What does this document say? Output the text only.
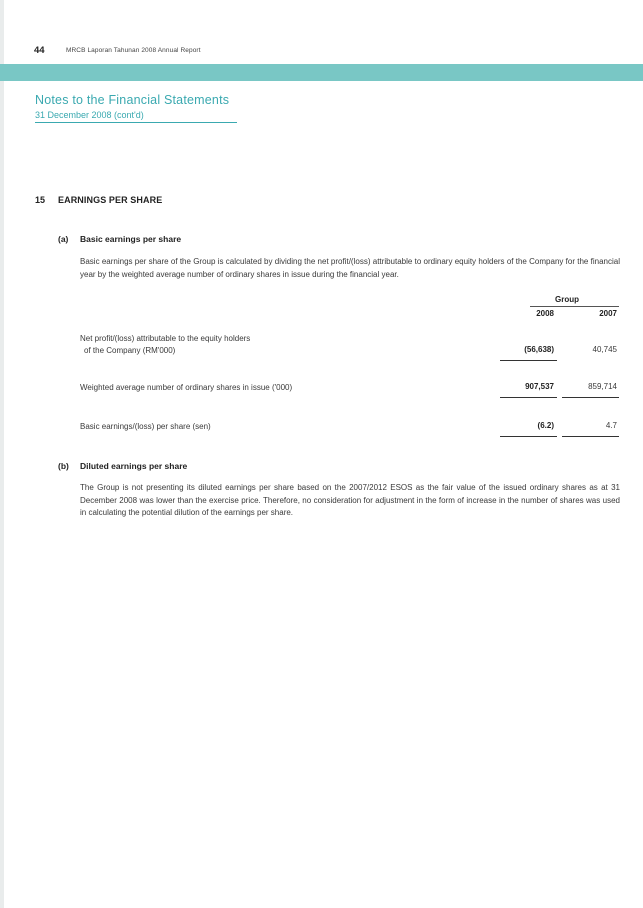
44	MRCB Laporan Tahunan 2008 Annual Report
Notes to the Financial Statements
31 December 2008 (cont'd)
15 EARNINGS PER SHARE
(a) Basic earnings per share
Basic earnings per share of the Group is calculated by dividing the net profit/(loss) attributable to ordinary equity holders of the Company for the financial year by the weighted average number of ordinary shares in issue during the financial year.
Group
2008	2007
Net profit/(loss) attributable to the equity holders
of the Company (RM'000)	(56,638)	40,745
Weighted average number of ordinary shares in issue ('000)	907,537	859,714
Basic earnings/(loss) per share (sen)	(6.2)	4.7
(b) Diluted earnings per share
The Group is not presenting its diluted earnings per share based on the 2007/2012 ESOS as the fair value of the issued ordinary shares as at 31 December 2008 was lower than the exercise price. Therefore, no consideration for adjustment in the form of increase in the number of shares was used in calculating the potential dilution of the earnings per share.
